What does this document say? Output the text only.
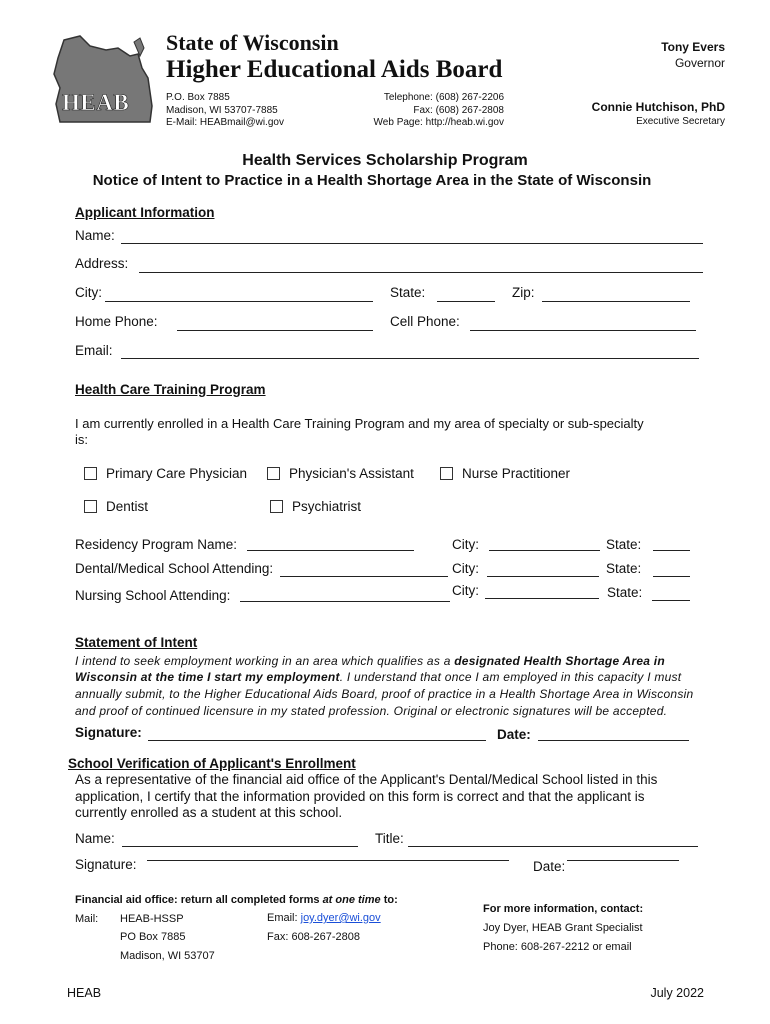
HEAB
State of Wisconsin
Higher Educational Aids Board
P.O. Box 7885
Madison, WI 53707-7885
E-Mail: HEABmail@wi.gov
Telephone: (608) 267-2206
Fax: (608) 267-2808
Web Page: http://heab.wi.gov
Tony Evers
Governor
Connie Hutchison, PhD
Executive Secretary
Health Services Scholarship Program
Notice of Intent to Practice in a Health Shortage Area in the State of Wisconsin
Applicant Information
Name:
Address:
City:	State:	Zip:
Home Phone:	Cell Phone:
Email:
Health Care Training Program
I am currently enrolled in a Health Care Training Program and my area of specialty or sub-specialty
is:
Primary Care Physician	Physician's Assistant	Nurse Practitioner
Dentist	Psychiatrist
Residency Program Name:	City:	State:
Dental/Medical School Attending:	City:	State:
Nursing School Attending:	City:	State:
Statement of Intent
I intend to seek employment working in an area which qualifies as a designated Health Shortage Area in
Wisconsin at the time I start my employment. I understand that once I am employed in this capacity I must
annually submit, to the Higher Educational Aids Board, proof of practice in a Health Shortage Area in Wisconsin
and proof of continued licensure in my stated profession. Original or electronic signatures will be accepted.
Signature:	Date:
School Verification of Applicant's Enrollment
As a representative of the financial aid office of the Applicant's Dental/Medical School listed in this
application, I certify that the information provided on this form is correct and that the applicant is
currently enrolled as a student at this school.
Name:	Title:
Signature:	Date:
Financial aid office: return all completed forms at one time to:
Mail: HEAB-HSSP
PO Box 7885
Madison, WI 53707
Email: joy.dyer@wi.gov
Fax: 608-267-2808
For more information, contact:
Joy Dyer, HEAB Grant Specialist
Phone: 608-267-2212 or email
HEAB	July 2022
